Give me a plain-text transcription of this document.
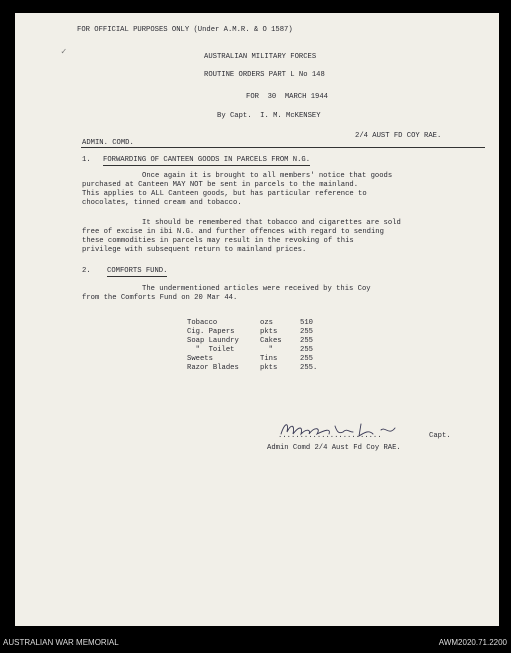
FOR OFFICIAL PURPOSES ONLY (Under A.M.R. & O 1587)
✓	AUSTRALIAN MILITARY FORCES
ROUTINE ORDERS PART L No 148
FOR  30  MARCH 1944
By Capt.  I. M. McKENSEY
ADMIN. COMD.
2/4 AUST FD COY RAE.
1. FORWARDING OF CANTEEN GOODS IN PARCELS FROM N.G.
Once again it is brought to all members' notice that goods
purchased at Canteen MAY NOT be sent in parcels to the mainland.
This applies to ALL Canteen goods, but has particular reference to
chocolates, tinned cream and tobacco.
It should be remembered that tobacco and cigarettes are sold
free of excise in ibi N.G. and further offences with regard to sending
these commodities in parcels may result in the revoking of this
privilege with subsequent return to mainland prices.
2. COMFORTS FUND.
The undermentioned articles were received by this Coy
from the Comforts Fund on 20 Mar 44.
Tobacco	ozs	510
Cig. Papers	pkts	255
Soap Laundry	Cakes	255
"  Toilet	"	255
Sweets	Tins	255
Razor Blades	pkts	255.
........................	Capt.
Admin Comd 2/4 Aust Fd Coy RAE.
AUSTRALIAN WAR MEMORIAL	AWM2020.71.2200
